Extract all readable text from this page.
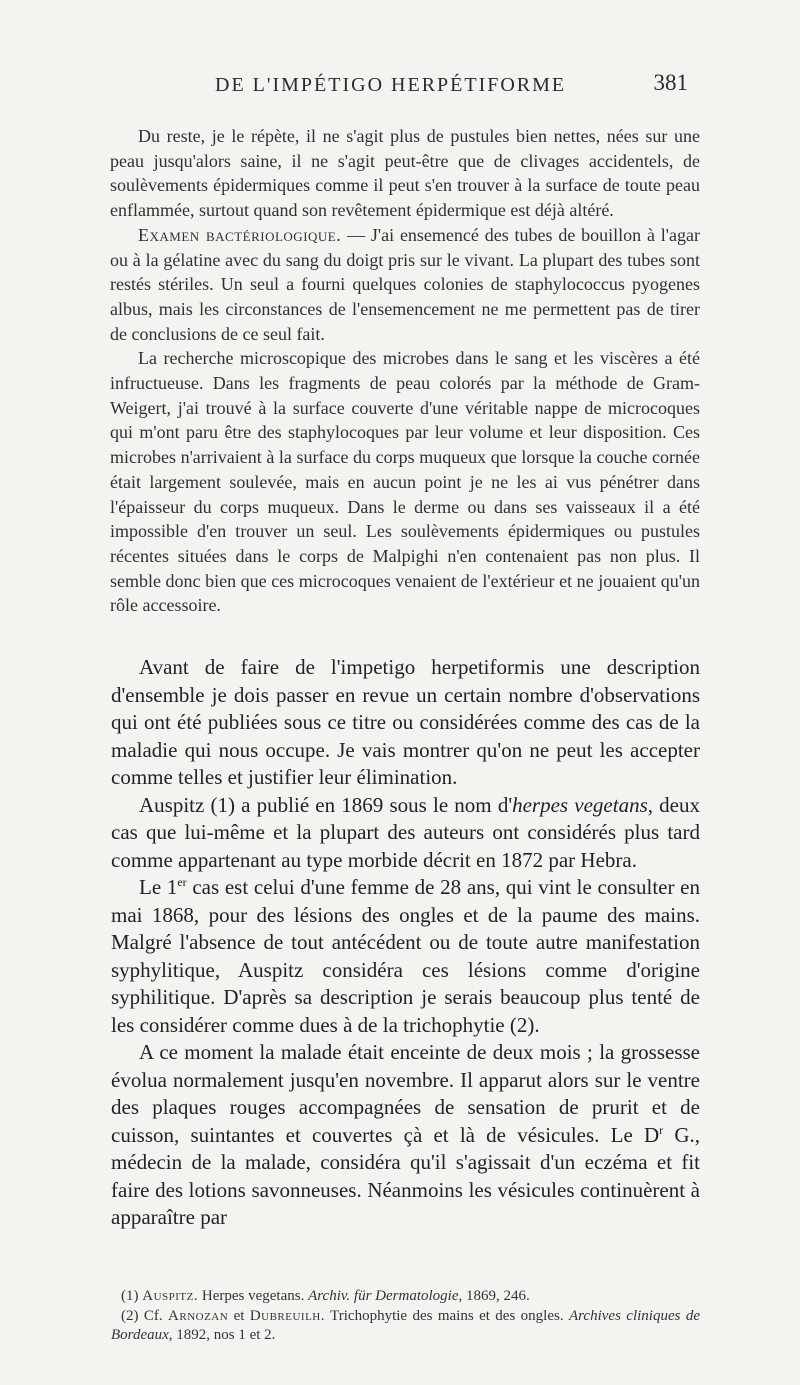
DE L'IMPÉTIGO HERPÉTIFORME	381

Du reste, je le répète, il ne s'agit plus de pustules bien nettes, nées sur une peau jusqu'alors saine, il ne s'agit peut-être que de clivages accidentels, de soulèvements épidermiques comme il peut s'en trouver à la surface de toute peau enflammée, surtout quand son revêtement épidermique est déjà altéré.

Examen bactériologique. — J'ai ensemencé des tubes de bouillon à l'agar ou à la gélatine avec du sang du doigt pris sur le vivant. La plupart des tubes sont restés stériles. Un seul a fourni quelques colonies de staphylococcus pyogenes albus, mais les circonstances de l'ensemencement ne me permettent pas de tirer de conclusions de ce seul fait.

La recherche microscopique des microbes dans le sang et les viscères a été infructueuse. Dans les fragments de peau colorés par la méthode de Gram-Weigert, j'ai trouvé à la surface couverte d'une véritable nappe de microcoques qui m'ont paru être des staphylocoques par leur volume et leur disposition. Ces microbes n'arrivaient à la surface du corps muqueux que lorsque la couche cornée était largement soulevée, mais en aucun point je ne les ai vus pénétrer dans l'épaisseur du corps muqueux. Dans le derme ou dans ses vaisseaux il a été impossible d'en trouver un seul. Les soulèvements épidermiques ou pustules récentes situées dans le corps de Malpighi n'en contenaient pas non plus. Il semble donc bien que ces microcoques venaient de l'extérieur et ne jouaient qu'un rôle accessoire.

Avant de faire de l'impetigo herpetiformis une description d'ensemble je dois passer en revue un certain nombre d'observations qui ont été publiées sous ce titre ou considérées comme des cas de la maladie qui nous occupe. Je vais montrer qu'on ne peut les accepter comme telles et justifier leur élimination.

Auspitz (1) a publié en 1869 sous le nom d'herpes vegetans, deux cas que lui-même et la plupart des auteurs ont considérés plus tard comme appartenant au type morbide décrit en 1872 par Hebra.

Le 1er cas est celui d'une femme de 28 ans, qui vint le consulter en mai 1868, pour des lésions des ongles et de la paume des mains. Malgré l'absence de tout antécédent ou de toute autre manifestation syphylitique, Auspitz considéra ces lésions comme d'origine syphilitique. D'après sa description je serais beaucoup plus tenté de les considérer comme dues à de la trichophytie (2).

A ce moment la malade était enceinte de deux mois ; la grossesse évolua normalement jusqu'en novembre. Il apparut alors sur le ventre des plaques rouges accompagnées de sensation de prurit et de cuisson, suintantes et couvertes çà et là de vésicules. Le $D^r$ G., médecin de la malade, considéra qu'il s'agissait d'un eczéma et fit faire des lotions savonneuses. Néanmoins les vésicules continuèrent à apparaître par

(1) Auspitz. Herpes vegetans. Archiv. für Dermatologie, 1869, 246.

(2) Cf. Arnozan et Dubreuilh. Trichophytie des mains et des ongles. Archives cliniques de Bordeaux, 1892, nos 1 et 2.
